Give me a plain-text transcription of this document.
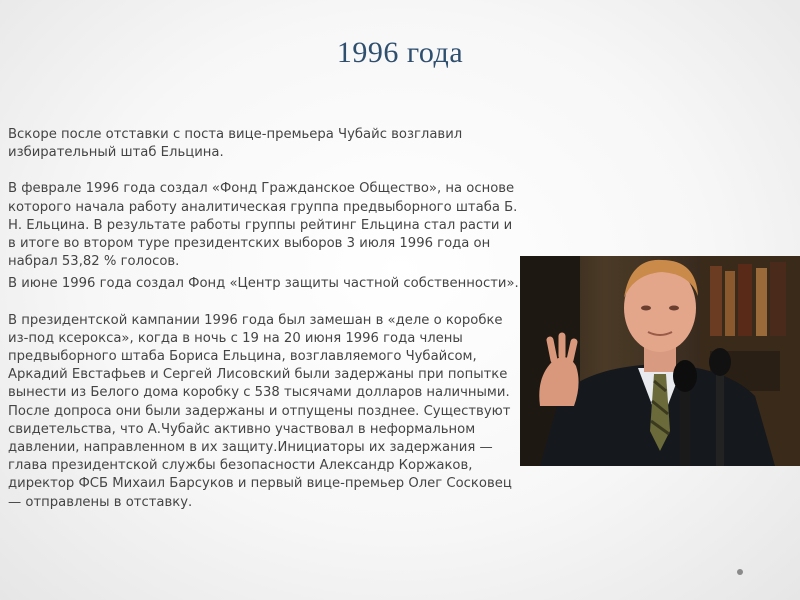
1996 года

Вскоре после отставки с поста вице-премьера Чубайс возглавил избирательный штаб Ельцина.

В феврале 1996 года создал «Фонд Гражданское Общество», на основе которого начала работу аналитическая группа предвыборного штаба Б. Н. Ельцина. В результате работы группы рейтинг Ельцина стал расти и в итоге во втором туре президентских выборов 3 июля 1996 года он набрал 53,82 % голосов.

В июне 1996 года создал Фонд «Центр защиты частной собственности».

В президентской кампании 1996 года был замешан в «деле о коробке из-под ксерокса», когда в ночь с 19 на 20 июня 1996 года члены предвыборного штаба Бориса Ельцина, возглавляемого Чубайсом, Аркадий Евстафьев и Сергей Лисовский были задержаны при попытке вынести из Белого дома коробку с 538 тысячами долларов наличными. После допроса они были задержаны и отпущены позднее. Существуют свидетельства, что А.Чубайс активно участвовал в неформальном давлении, направленном в их защиту.Инициаторы их задержания — глава президентской службы безопасности Александр Коржаков, директор ФСБ Михаил Барсуков и первый вице-премьер Олег Сосковец — отправлены в отставку.
